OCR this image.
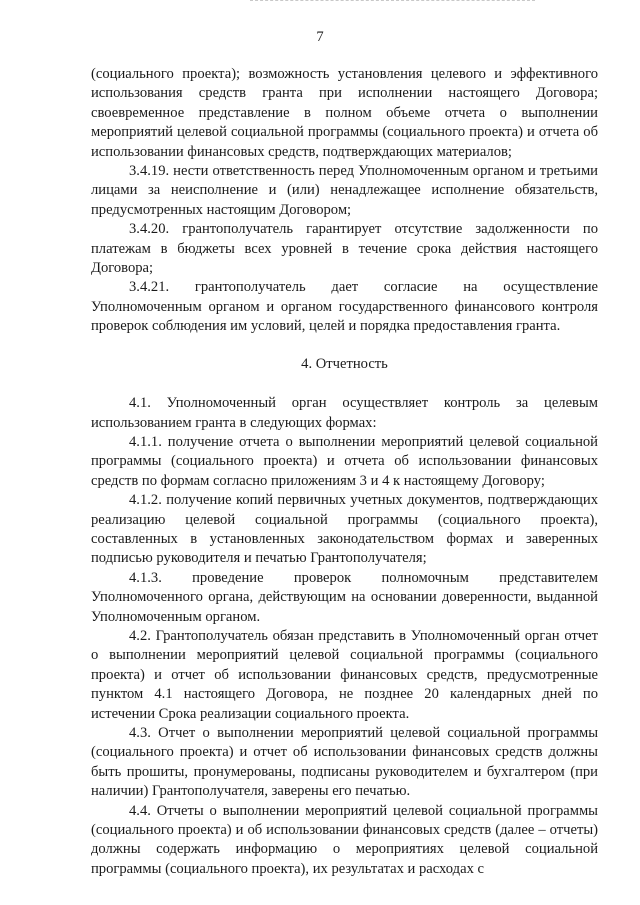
7

(социального проекта); возможность установления целевого и эффективного использования средств гранта при исполнении настоящего Договора; своевременное представление в полном объеме отчета о выполнении мероприятий целевой социальной программы (социального проекта) и отчета об использовании финансовых средств, подтверждающих материалов;

3.4.19. нести ответственность перед Уполномоченным органом и третьими лицами за неисполнение и (или) ненадлежащее исполнение обязательств, предусмотренных настоящим Договором;

3.4.20. грантополучатель гарантирует отсутствие задолженности по платежам в бюджеты всех уровней в течение срока действия настоящего Договора;

3.4.21. грантополучатель дает согласие на осуществление Уполномоченным органом и органом государственного финансового контроля проверок соблюдения им условий, целей и порядка предоставления гранта.

4. Отчетность

4.1. Уполномоченный орган осуществляет контроль за целевым использованием гранта в следующих формах:

4.1.1. получение отчета о выполнении мероприятий целевой социальной программы (социального проекта) и отчета об использовании финансовых средств по формам согласно приложениям 3 и 4 к настоящему Договору;

4.1.2. получение копий первичных учетных документов, подтверждающих реализацию целевой социальной программы (социального проекта), составленных в установленных законодательством формах и заверенных подписью руководителя и печатью Грантополучателя;

4.1.3. проведение проверок полномочным представителем Уполномоченного органа, действующим на основании доверенности, выданной Уполномоченным органом.

4.2. Грантополучатель обязан представить в Уполномоченный орган отчет о выполнении мероприятий целевой социальной программы (социального проекта) и отчет об использовании финансовых средств, предусмотренные пунктом 4.1 настоящего Договора, не позднее 20 календарных дней по истечении Срока реализации социального проекта.

4.3. Отчет о выполнении мероприятий целевой социальной программы (социального проекта) и отчет об использовании финансовых средств должны быть прошиты, пронумерованы, подписаны руководителем и бухгалтером (при наличии) Грантополучателя, заверены его печатью.

4.4. Отчеты о выполнении мероприятий целевой социальной программы (социального проекта) и об использовании финансовых средств (далее – отчеты) должны содержать информацию о мероприятиях целевой социальной программы (социального проекта), их результатах и расходах с
